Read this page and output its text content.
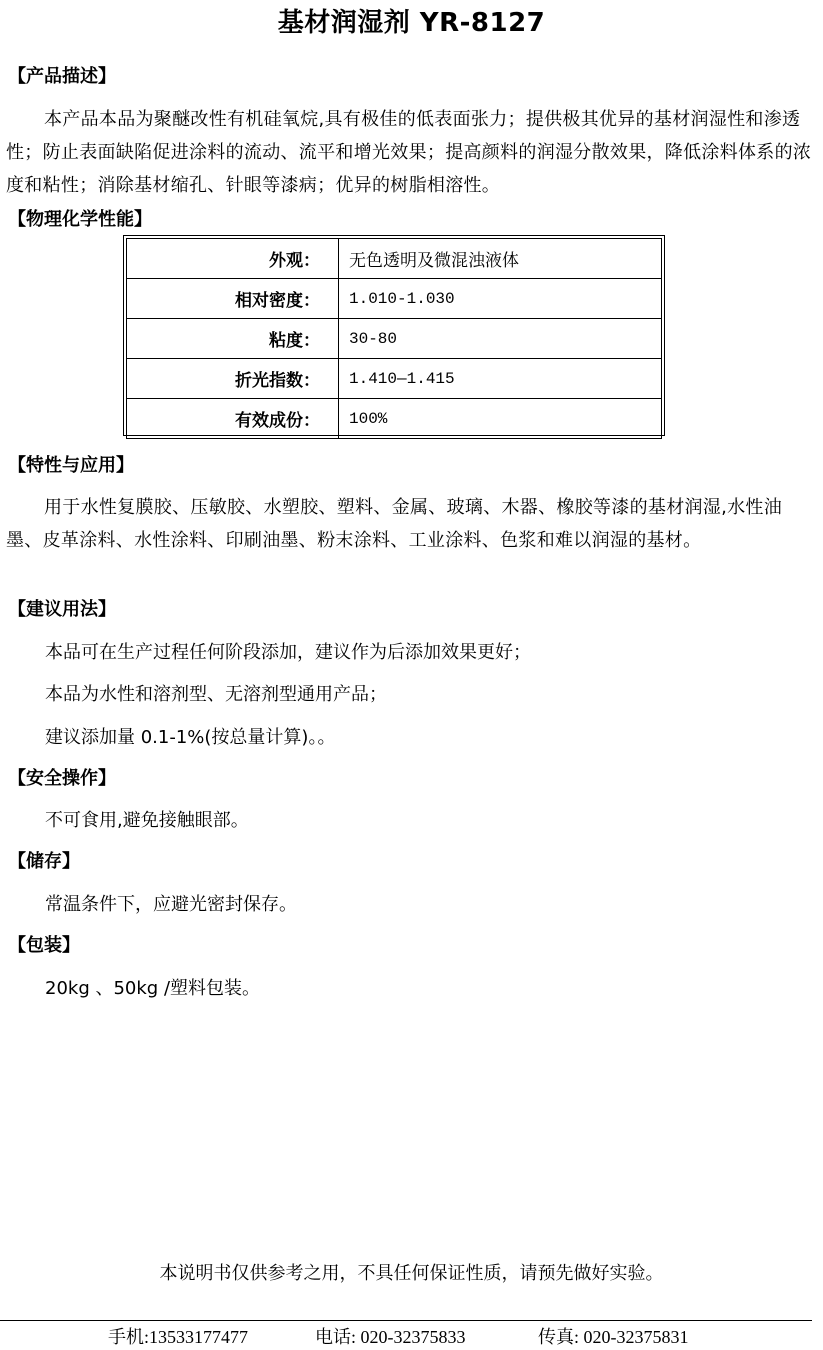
基材润湿剂 YR-8127
【产品描述】
本产品本品为聚醚改性有机硅氧烷,具有极佳的低表面张力；提供极其优异的基材润湿性和渗透性；防止表面缺陷促进涂料的流动、流平和增光效果；提高颜料的润湿分散效果，降低涂料体系的浓度和粘性；消除基材缩孔、针眼等漆病；优异的树脂相溶性。
【物理化学性能】
外观：	无色透明及微混浊液体
相对密度：	1.010-1.030
粘度：	30-80
折光指数：	1.410—1.415
有效成份：	100%
【特性与应用】
用于水性复膜胶、压敏胶、水塑胶、塑料、金属、玻璃、木器、橡胶等漆的基材润湿,水性油墨、皮革涂料、水性涂料、印刷油墨、粉末涂料、工业涂料、色浆和难以润湿的基材。
【建议用法】
本品可在生产过程任何阶段添加，建议作为后添加效果更好；
本品为水性和溶剂型、无溶剂型通用产品；
建议添加量 0.1-1%(按总量计算)。。
【安全操作】
不可食用,避免接触眼部。
【储存】
常温条件下，应避光密封保存。
【包装】
20kg 、50kg /塑料包装。
本说明书仅供参考之用，不具任何保证性质，请预先做好实验。
手机:13533177477	电话: 020-32375833	传真: 020-32375831
